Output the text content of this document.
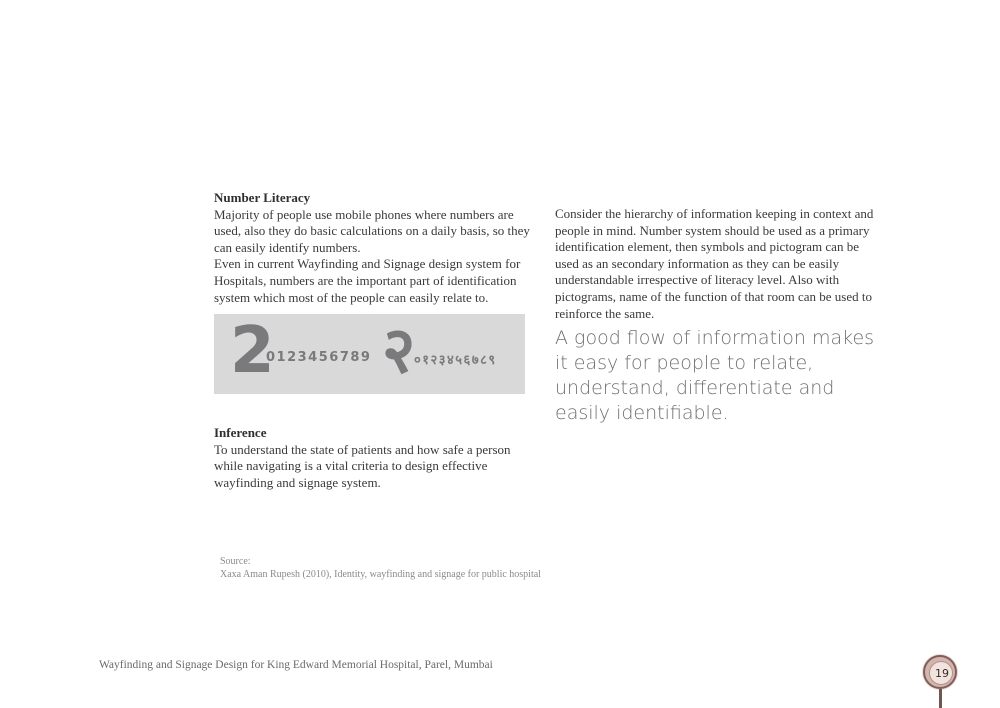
Number Literacy

Majority of people use mobile phones where numbers are used, also they do basic calculations on a daily basis, so they can easily identify numbers.

Even in current Wayfinding and Signage design system for Hospitals, numbers are the important part of identification system which most of the people can easily relate to.

2
0123456789 २
०१२३४५६७८९

Consider the hierarchy of information keeping in context and people in mind. Number system should be used as a primary identification element, then symbols and pictogram can be used as an secondary information as they can be easily understandable irrespective of literacy level. Also with pictograms, name of the function of that room can be used to reinforce the same.

A good flow of information makes it easy for people to relate, understand, differentiate and easily identifiable.
Inference

To understand the state of patients and how safe a person while navigating is a vital criteria to design effective wayfinding and signage system.

Source:
Xaxa Aman Rupesh (2010), Identity, wayfinding and signage for public hospital
Wayfinding and Signage Design for King Edward Memorial Hospital, Parel, Mumbai
19
